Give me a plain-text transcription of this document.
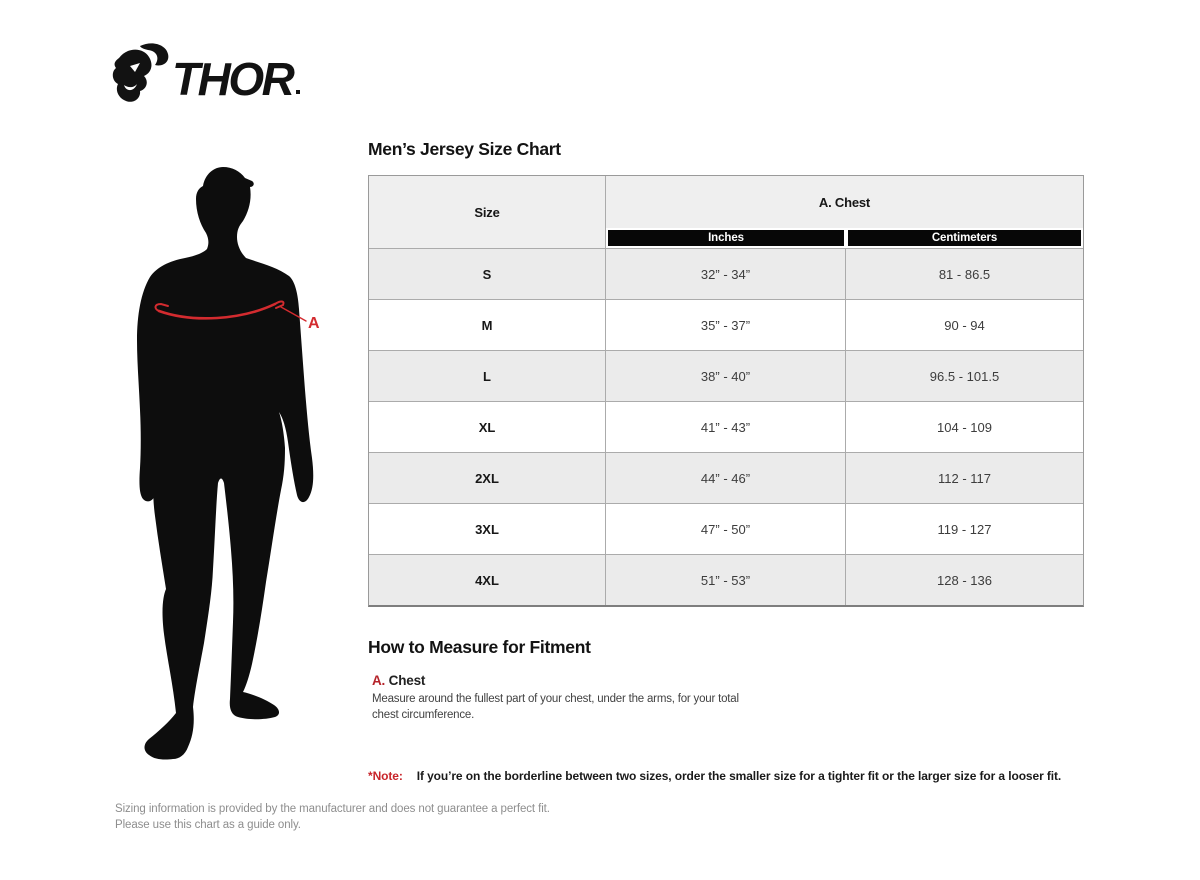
THOR
A
Men’s Jersey Size Chart
Size
A. Chest
Inches	Centimeters
S	32” - 34”	81 - 86.5
M	35” - 37”	90 - 94
L	38” - 40”	96.5 - 101.5
XL	41” - 43”	104 - 109
2XL	44” - 46”	112 - 117
3XL	47” - 50”	119 - 127
4XL	51” - 53”	128 - 136
How to Measure for Fitment
A. Chest
Measure around the fullest part of your chest, under the arms, for your total chest circumference.
*Note: If you’re on the borderline between two sizes, order the smaller size for a tighter fit or the larger size for a looser fit.
Sizing information is provided by the manufacturer and does not guarantee a perfect fit.
Please use this chart as a guide only.
